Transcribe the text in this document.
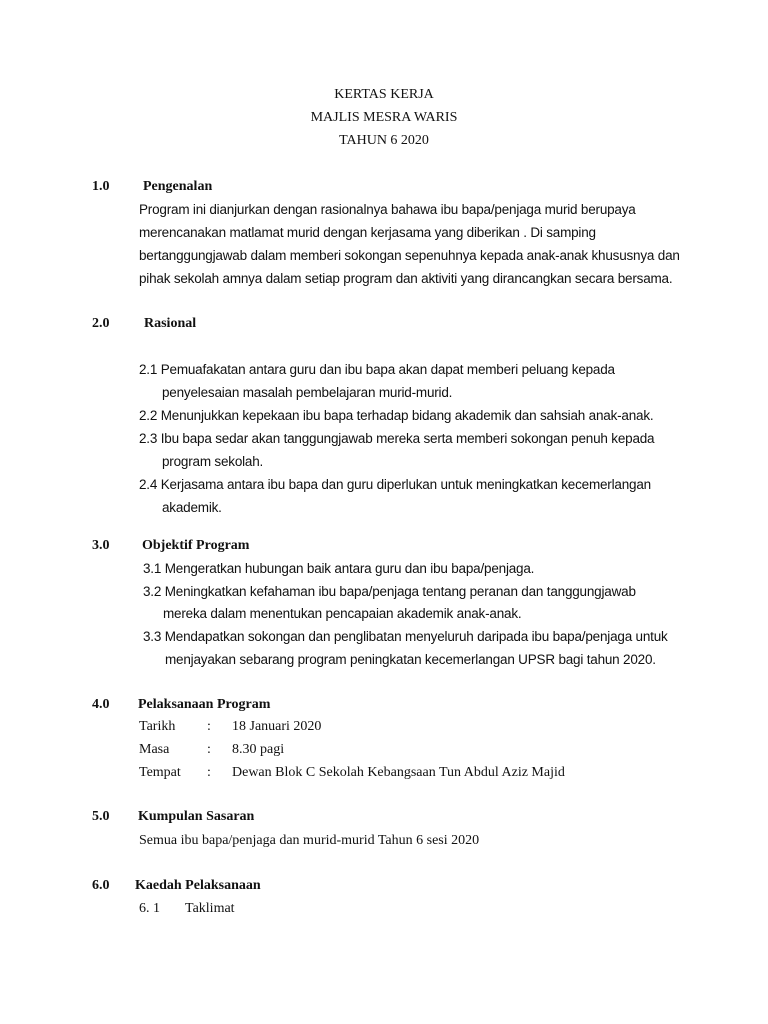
KERTAS KERJA
MAJLIS MESRA WARIS
TAHUN 6 2020
1.0 Pengenalan
Program ini dianjurkan dengan rasionalnya bahawa ibu bapa/penjaga murid berupaya
merencanakan matlamat murid dengan kerjasama yang diberikan . Di samping
bertanggungjawab dalam memberi sokongan sepenuhnya kepada anak-anak khususnya dan
pihak sekolah amnya dalam setiap program dan aktiviti yang dirancangkan secara bersama.
2.0 Rasional
2.1 Pemuafakatan antara guru dan ibu bapa akan dapat memberi peluang kepada
penyelesaian masalah pembelajaran murid-murid.
2.2 Menunjukkan kepekaan ibu bapa terhadap bidang akademik dan sahsiah anak-anak.
2.3 Ibu bapa sedar akan tanggungjawab mereka serta memberi sokongan penuh kepada
program sekolah.
2.4 Kerjasama antara ibu bapa dan guru diperlukan untuk meningkatkan kecemerlangan
akademik.
3.0 Objektif Program
3.1 Mengeratkan hubungan baik antara guru dan ibu bapa/penjaga.
3.2 Meningkatkan kefahaman ibu bapa/penjaga tentang peranan dan tanggungjawab
mereka dalam menentukan pencapaian akademik anak-anak.
3.3 Mendapatkan sokongan dan penglibatan menyeluruh daripada ibu bapa/penjaga untuk
menjayakan sebarang program peningkatan kecemerlangan UPSR bagi tahun 2020.
4.0 Pelaksanaan Program
Tarikh : 18 Januari 2020
Masa	: 8.30 pagi
Tempat : Dewan Blok C Sekolah Kebangsaan Tun Abdul Aziz Majid
5.0 Kumpulan Sasaran
Semua ibu bapa/penjaga dan murid-murid Tahun 6 sesi 2020
6.0 Kaedah Pelaksanaan
6. 1 Taklimat
